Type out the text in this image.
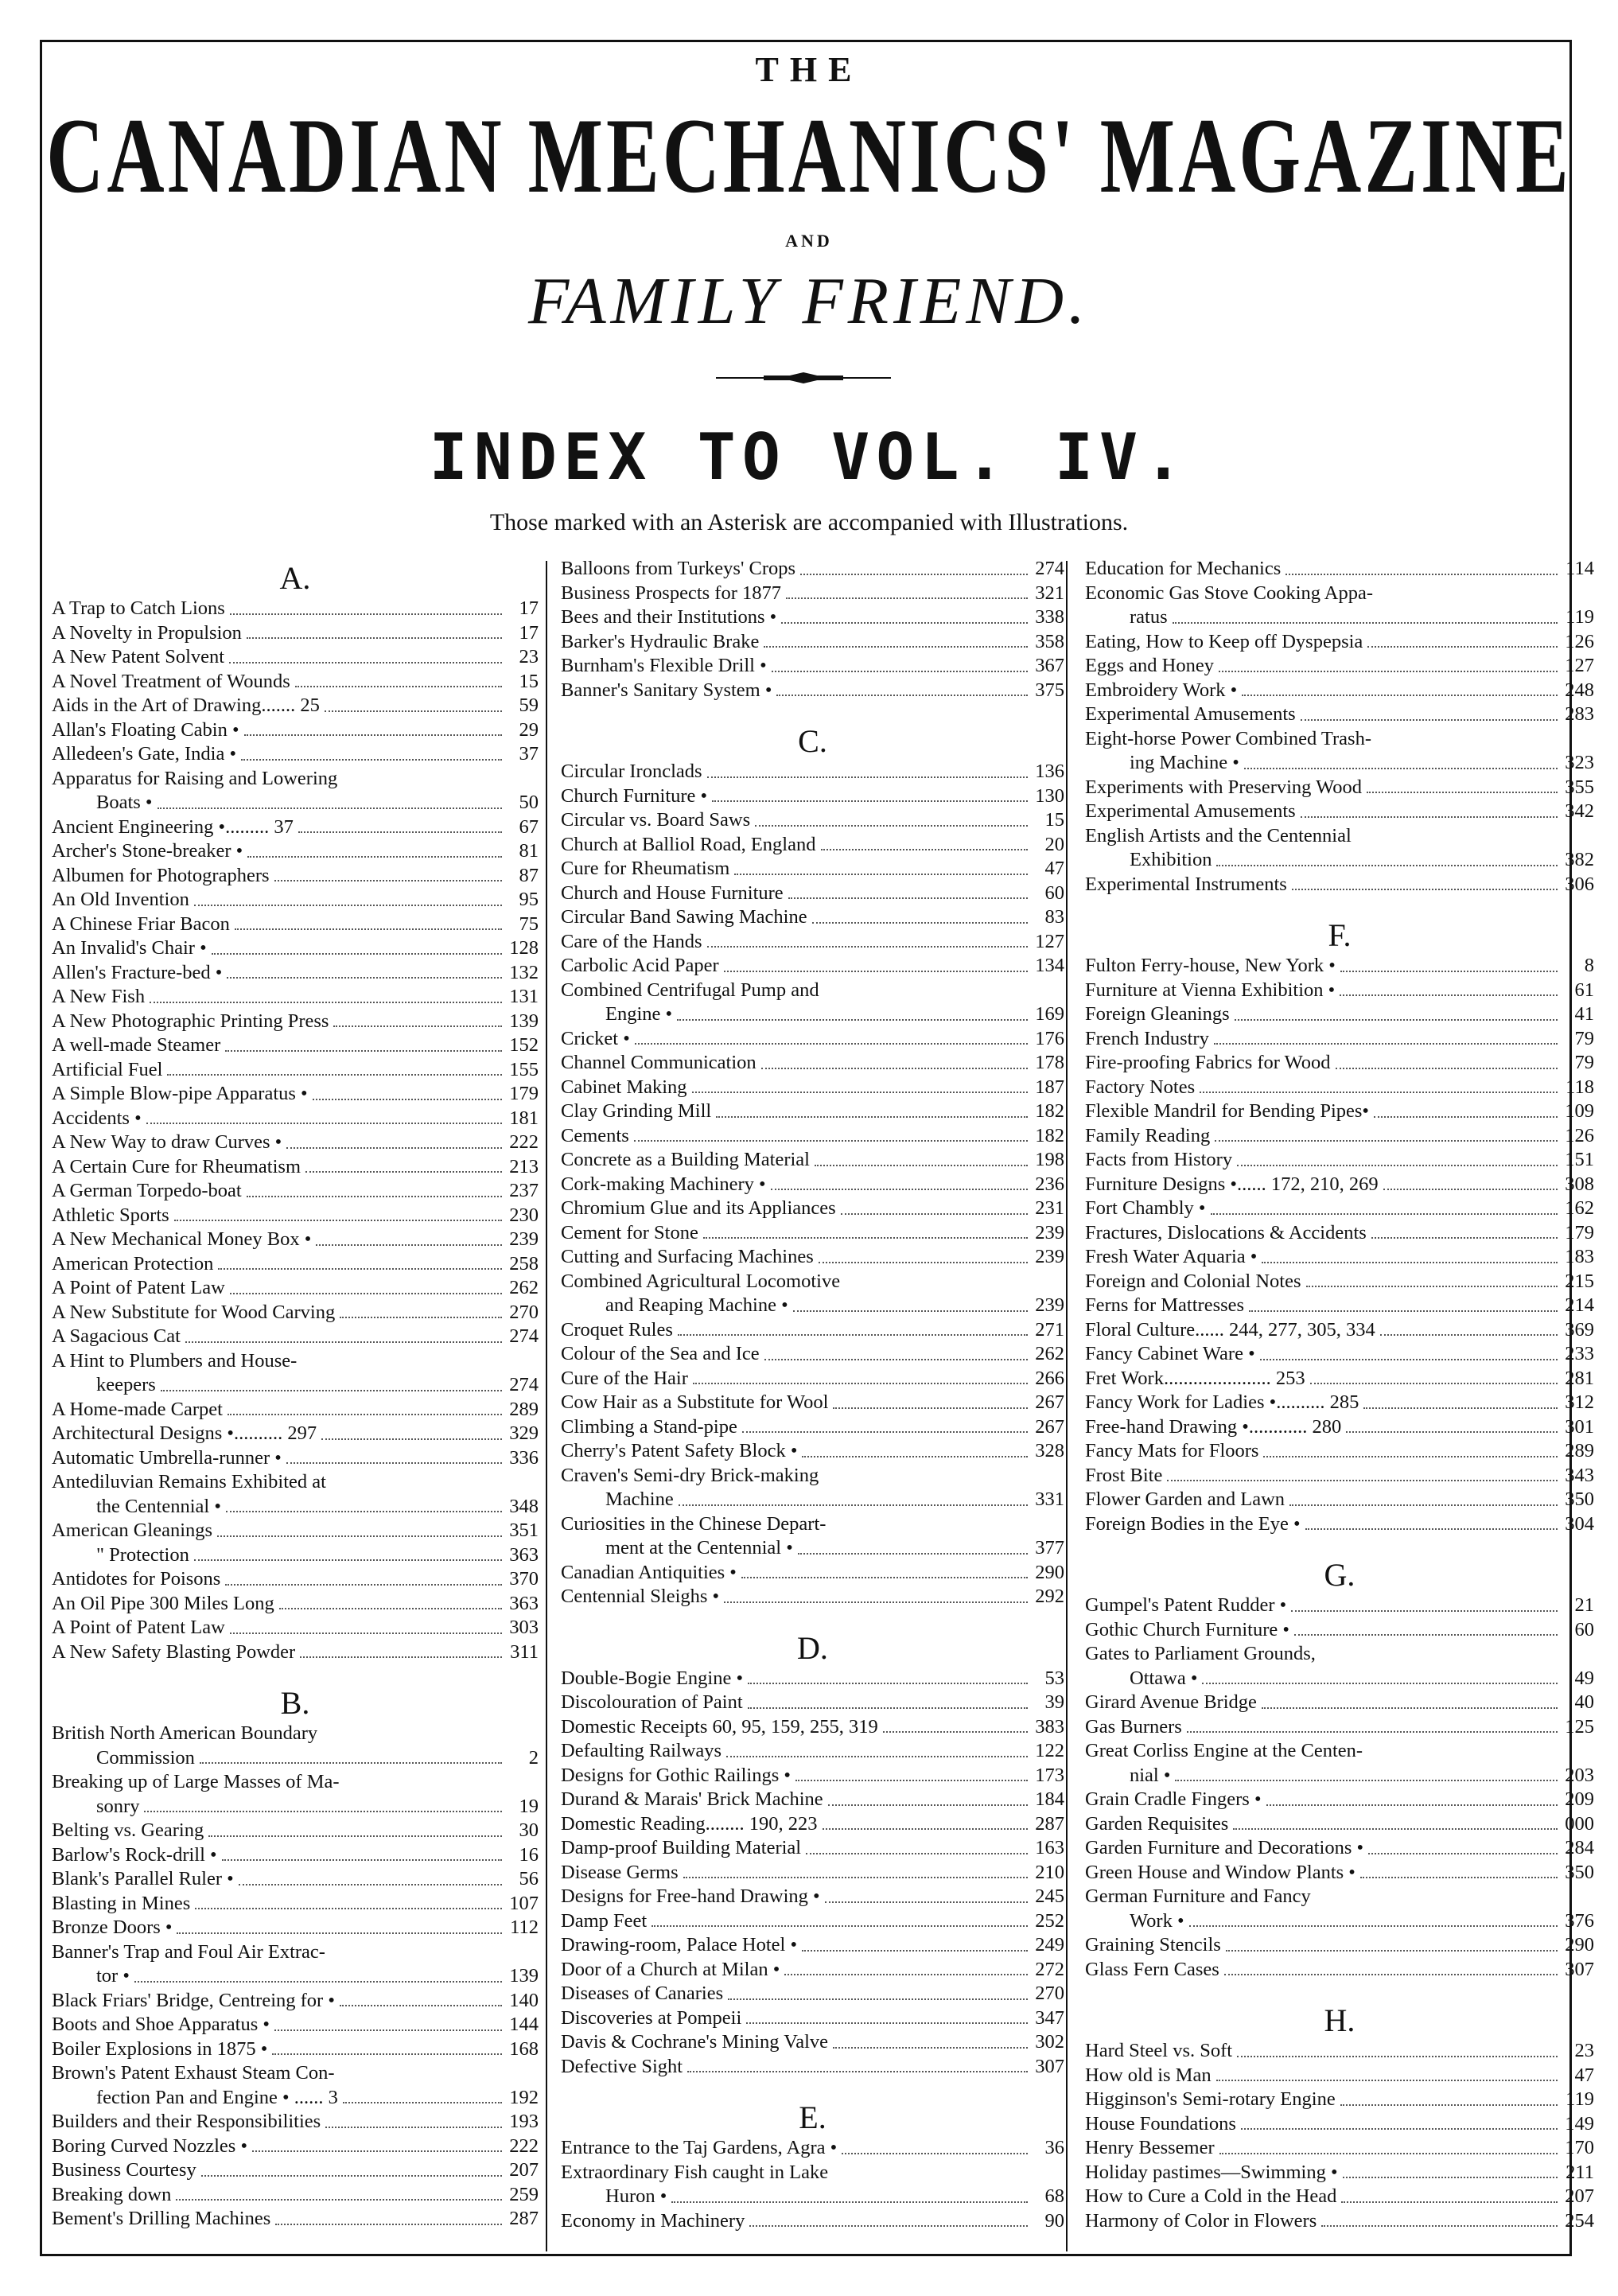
THE
CANADIAN MECHANICS' MAGAZINE
AND
FAMILY FRIEND.
INDEX TO VOL. IV.
Those marked with an Asterisk are accompanied with Illustrations.
A.
A Trap to Catch Lions	17
A Novelty in Propulsion	17
A New Patent Solvent	23
A Novel Treatment of Wounds	15
Aids in the Art of Drawing....... 25	59
Allan's Floating Cabin •	29
Alledeen's Gate, India •	37
Apparatus for Raising and Lowering
Boats •	50
Ancient Engineering •......... 37	67
Archer's Stone-breaker •	81
Albumen for Photographers	87
An Old Invention	95
A Chinese Friar Bacon	75
An Invalid's Chair •	128
Allen's Fracture-bed •	132
A New Fish	131
A New Photographic Printing Press	139
A well-made Steamer	152
Artificial Fuel	155
A Simple Blow-pipe Apparatus •	179
Accidents •	181
A New Way to draw Curves •	222
A Certain Cure for Rheumatism	213
A German Torpedo-boat	237
Athletic Sports	230
A New Mechanical Money Box •	239
American Protection	258
A Point of Patent Law	262
A New Substitute for Wood Carving	270
A Sagacious Cat	274
A Hint to Plumbers and House-
keepers	274
A Home-made Carpet	289
Architectural Designs •.......... 297	329
Automatic Umbrella-runner •	336
Antediluvian Remains Exhibited at
the Centennial •	348
American Gleanings	351
" Protection	363
Antidotes for Poisons	370
An Oil Pipe 300 Miles Long	363
A Point of Patent Law	303
A New Safety Blasting Powder	311
B.
British North American Boundary
Commission	2
Breaking up of Large Masses of Ma-
sonry	19
Belting vs. Gearing	30
Barlow's Rock-drill •	16
Blank's Parallel Ruler •	56
Blasting in Mines	107
Bronze Doors •	112
Banner's Trap and Foul Air Extrac-
tor •	139
Black Friars' Bridge, Centreing for •	140
Boots and Shoe Apparatus •	144
Boiler Explosions in 1875 •	168
Brown's Patent Exhaust Steam Con-
fection Pan and Engine • ...... 3	192
Builders and their Responsibilities	193
Boring Curved Nozzles •	222
Business Courtesy	207
Breaking down	259
Bement's Drilling Machines	287
Balloons from Turkeys' Crops	274
Business Prospects for 1877	321
Bees and their Institutions •	338
Barker's Hydraulic Brake	358
Burnham's Flexible Drill •	367
Banner's Sanitary System •	375
C.
Circular Ironclads	136
Church Furniture •	130
Circular vs. Board Saws	15
Church at Balliol Road, England	20
Cure for Rheumatism	47
Church and House Furniture	60
Circular Band Sawing Machine	83
Care of the Hands	127
Carbolic Acid Paper	134
Combined Centrifugal Pump and
Engine •	169
Cricket •	176
Channel Communication	178
Cabinet Making	187
Clay Grinding Mill	182
Cements	182
Concrete as a Building Material	198
Cork-making Machinery •	236
Chromium Glue and its Appliances	231
Cement for Stone	239
Cutting and Surfacing Machines	239
Combined Agricultural Locomotive
and Reaping Machine •	239
Croquet Rules	271
Colour of the Sea and Ice	262
Cure of the Hair	266
Cow Hair as a Substitute for Wool	267
Climbing a Stand-pipe	267
Cherry's Patent Safety Block •	328
Craven's Semi-dry Brick-making
Machine	331
Curiosities in the Chinese Depart-
ment at the Centennial •	377
Canadian Antiquities •	290
Centennial Sleighs •	292
D.
Double-Bogie Engine •	53
Discolouration of Paint	39
Domestic Receipts 60, 95, 159, 255, 319	383
Defaulting Railways	122
Designs for Gothic Railings •	173
Durand & Marais' Brick Machine	184
Domestic Reading........ 190, 223	287
Damp-proof Building Material	163
Disease Germs	210
Designs for Free-hand Drawing •	245
Damp Feet	252
Drawing-room, Palace Hotel •	249
Door of a Church at Milan •	272
Diseases of Canaries	270
Discoveries at Pompeii	347
Davis & Cochrane's Mining Valve	302
Defective Sight	307
E.
Entrance to the Taj Gardens, Agra •	36
Extraordinary Fish caught in Lake
Huron •	68
Economy in Machinery	90
Education for Mechanics	114
Economic Gas Stove Cooking Appa-
ratus	119
Eating, How to Keep off Dyspepsia	126
Eggs and Honey	127
Embroidery Work •	248
Experimental Amusements	283
Eight-horse Power Combined Trash-
ing Machine •	323
Experiments with Preserving Wood	355
Experimental Amusements	342
English Artists and the Centennial
Exhibition	382
Experimental Instruments	306
F.
Fulton Ferry-house, New York •	8
Furniture at Vienna Exhibition •	61
Foreign Gleanings	41
French Industry	79
Fire-proofing Fabrics for Wood	79
Factory Notes	118
Flexible Mandril for Bending Pipes•	109
Family Reading	126
Facts from History	151
Furniture Designs •...... 172, 210, 269	308
Fort Chambly •	162
Fractures, Dislocations & Accidents	179
Fresh Water Aquaria •	183
Foreign and Colonial Notes	215
Ferns for Mattresses	214
Floral Culture...... 244, 277, 305, 334	369
Fancy Cabinet Ware •	233
Fret Work...................... 253	281
Fancy Work for Ladies •.......... 285	312
Free-hand Drawing •............ 280	301
Fancy Mats for Floors	289
Frost Bite	343
Flower Garden and Lawn	350
Foreign Bodies in the Eye •	304
G.
Gumpel's Patent Rudder •	21
Gothic Church Furniture •	60
Gates to Parliament Grounds,
Ottawa •	49
Girard Avenue Bridge	40
Gas Burners	125
Great Corliss Engine at the Centen-
nial •	203
Grain Cradle Fingers •	209
Garden Requisites	000
Garden Furniture and Decorations •	284
Green House and Window Plants •	350
German Furniture and Fancy
Work •	376
Graining Stencils	290
Glass Fern Cases	307
H.
Hard Steel vs. Soft	23
How old is Man	47
Higginson's Semi-rotary Engine	119
House Foundations	149
Henry Bessemer	170
Holiday pastimes—Swimming •	211
How to Cure a Cold in the Head	207
Harmony of Color in Flowers	254
